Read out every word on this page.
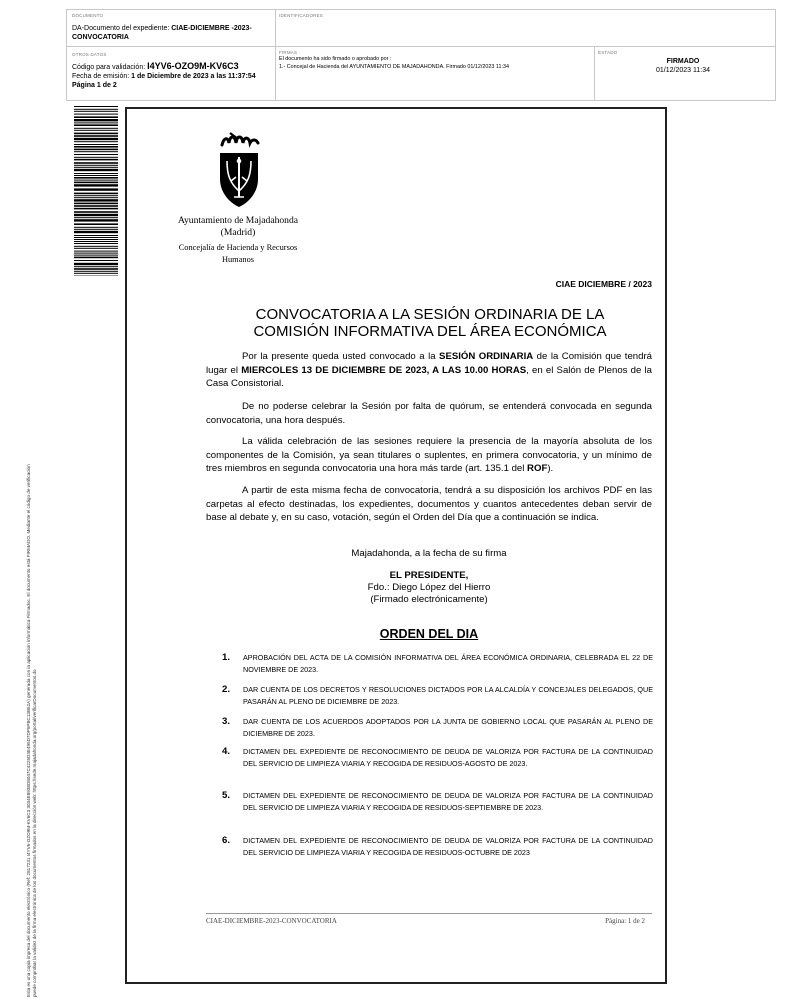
DOCUMENTO
DA-Documento del expediente: CIAE-DICIEMBRE -2023-CONVOCATORIA
IDENTIFICADORES
OTROS DATOS
Código para validación: I4YV6-OZO9M-KV6C3
Fecha de emisión: 1 de Diciembre de 2023 a las 11:37:54
Página 1 de 2
FIRMAS
El documento ha sido firmado o aprobado por :
1.- Concejal de Hacienda del AYUNTAMIENTO DE MAJADAHONDA. Firmado 01/12/2023 11:34
ESTADO
FIRMADO
01/12/2023 11:34
Esta es una copia impresa del documento electrónico (Ref: 2817231 I4YV6-OZO9M-KV6C3 3034E8938D8047C4225D3E495D7DP5PBC13B52A) generada con la aplicación informática Firmadoc. El documento está FIRMADO. Mediante el código de verificación puede comprobar la validez de la firma electrónica de los documentos firmados en la dirección web: https://sede.majadahonda.org/portal/verificarDocumentos.do
Ayuntamiento de Majadahonda
(Madrid)
Concejalía de Hacienda y Recursos
Humanos
CIAE DICIEMBRE / 2023
CONVOCATORIA A LA SESIÓN ORDINARIA DE LA
COMISIÓN INFORMATIVA DEL ÁREA ECONÓMICA
Por la presente queda usted convocado a la SESIÓN ORDINARIA de la Comisión que tendrá lugar el MIERCOLES 13 DE DICIEMBRE DE 2023, A LAS 10.00 HORAS, en el Salón de Plenos de la Casa Consistorial.
De no poderse celebrar la Sesión por falta de quórum, se entenderá convocada en segunda convocatoria, una hora después.
La válida celebración de las sesiones requiere la presencia de la mayoría absoluta de los componentes de la Comisión, ya sean titulares o suplentes, en primera convocatoria, y un mínimo de tres miembros en segunda convocatoria una hora más tarde (art. 135.1 del ROF).
A partir de esta misma fecha de convocatoria, tendrá a su disposición los archivos PDF en las carpetas al efecto destinadas, los expedientes, documentos y cuantos antecedentes deban servir de base al debate y, en su caso, votación, según el Orden del Día que a continuación se indica.
Majadahonda, a la fecha de su firma
EL PRESIDENTE,
Fdo.: Diego López del Hierro
(Firmado electrónicamente)
ORDEN DEL DIA
1. APROBACIÓN DEL ACTA DE LA COMISIÓN INFORMATIVA DEL ÁREA ECONÓMICA ORDINARIA, CELEBRADA EL 22 DE NOVIEMBRE DE 2023.
2. DAR CUENTA DE LOS DECRETOS Y RESOLUCIONES DICTADOS POR LA ALCALDÍA Y CONCEJALES DELEGADOS, QUE PASARÁN AL PLENO DE DICIEMBRE DE 2023.
3. DAR CUENTA DE LOS ACUERDOS ADOPTADOS POR LA JUNTA DE GOBIERNO LOCAL QUE PASARÁN AL PLENO DE DICIEMBRE DE 2023.
4. DICTAMEN DEL EXPEDIENTE DE RECONOCIMIENTO DE DEUDA DE VALORIZA POR FACTURA DE LA CONTINUIDAD DEL SERVICIO DE LIMPIEZA VIARIA Y RECOGIDA DE RESIDUOS-AGOSTO DE 2023.
5. DICTAMEN DEL EXPEDIENTE DE RECONOCIMIENTO DE DEUDA DE VALORIZA POR FACTURA DE LA CONTINUIDAD DEL SERVICIO DE LIMPIEZA VIARIA Y RECOGIDA DE RESIDUOS-SEPTIEMBRE DE 2023.
6. DICTAMEN DEL EXPEDIENTE DE RECONOCIMIENTO DE DEUDA DE VALORIZA POR FACTURA DE LA CONTINUIDAD DEL SERVICIO DE LIMPIEZA VIARIA Y RECOGIDA DE RESIDUOS-OCTUBRE DE 2023
CIAE-DICIEMBRE-2023-CONVOCATORIA	Página: 1 de 2
